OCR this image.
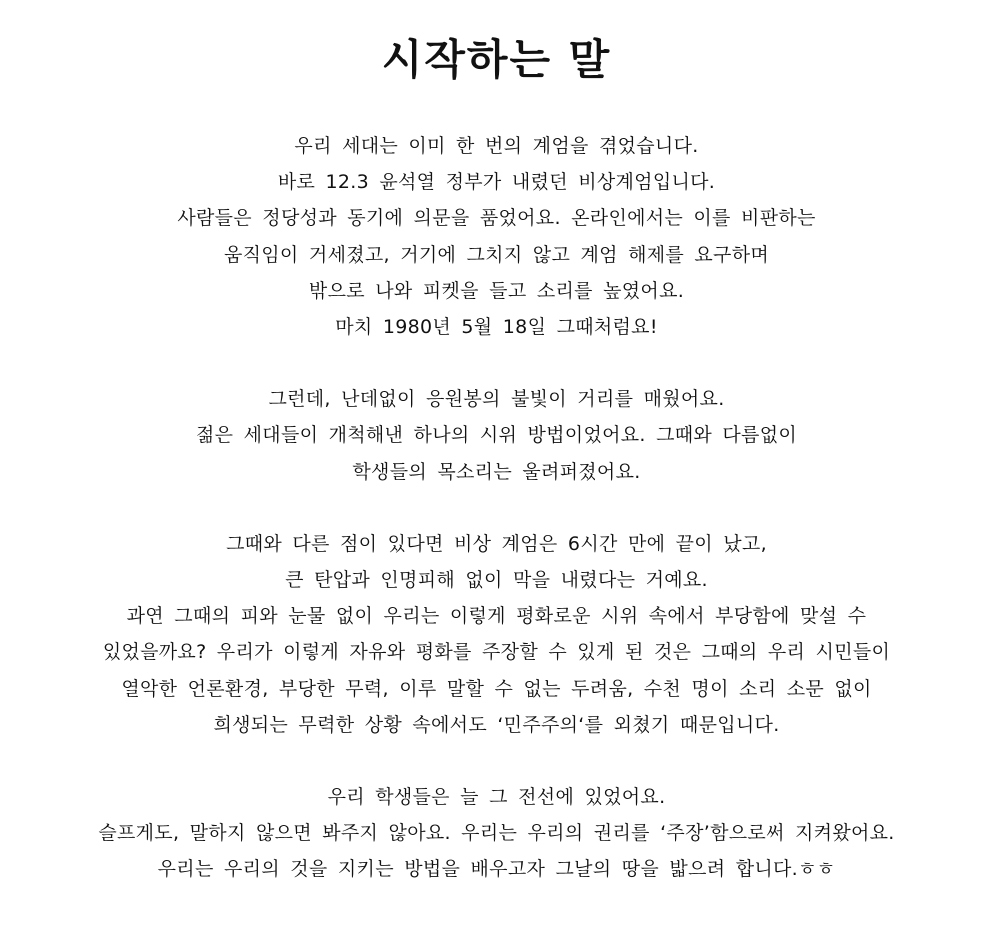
시작하는 말

우리 세대는 이미 한 번의 계엄을 겪었습니다.
바로 12.3 윤석열 정부가 내렸던 비상계엄입니다.
사람들은 정당성과 동기에 의문을 품었어요. 온라인에서는 이를 비판하는
움직임이 거세졌고, 거기에 그치지 않고 계엄 해제를 요구하며
밖으로 나와 피켓을 들고 소리를 높였어요.
마치 1980년 5월 18일 그때처럼요!

그런데, 난데없이 응원봉의 불빛이 거리를 매웠어요.
젊은 세대들이 개척해낸 하나의 시위 방법이었어요. 그때와 다름없이
학생들의 목소리는 울려퍼졌어요.

그때와 다른 점이 있다면 비상 계엄은 6시간 만에 끝이 났고,
큰 탄압과 인명피해 없이 막을 내렸다는 거예요.
과연 그때의 피와 눈물 없이 우리는 이렇게 평화로운 시위 속에서 부당함에 맞설 수
있었을까요? 우리가 이렇게 자유와 평화를 주장할 수 있게 된 것은 그때의 우리 시민들이
열악한 언론환경, 부당한 무력, 이루 말할 수 없는 두려움, 수천 명이 소리 소문 없이
희생되는 무력한 상황 속에서도 ‘민주주의‘를 외쳤기 때문입니다.

우리 학생들은 늘 그 전선에 있었어요.
슬프게도, 말하지 않으면 봐주지 않아요. 우리는 우리의 권리를 ‘주장’함으로써 지켜왔어요.
우리는 우리의 것을 지키는 방법을 배우고자 그날의 땅을 밟으려 합니다.ㅎㅎ
